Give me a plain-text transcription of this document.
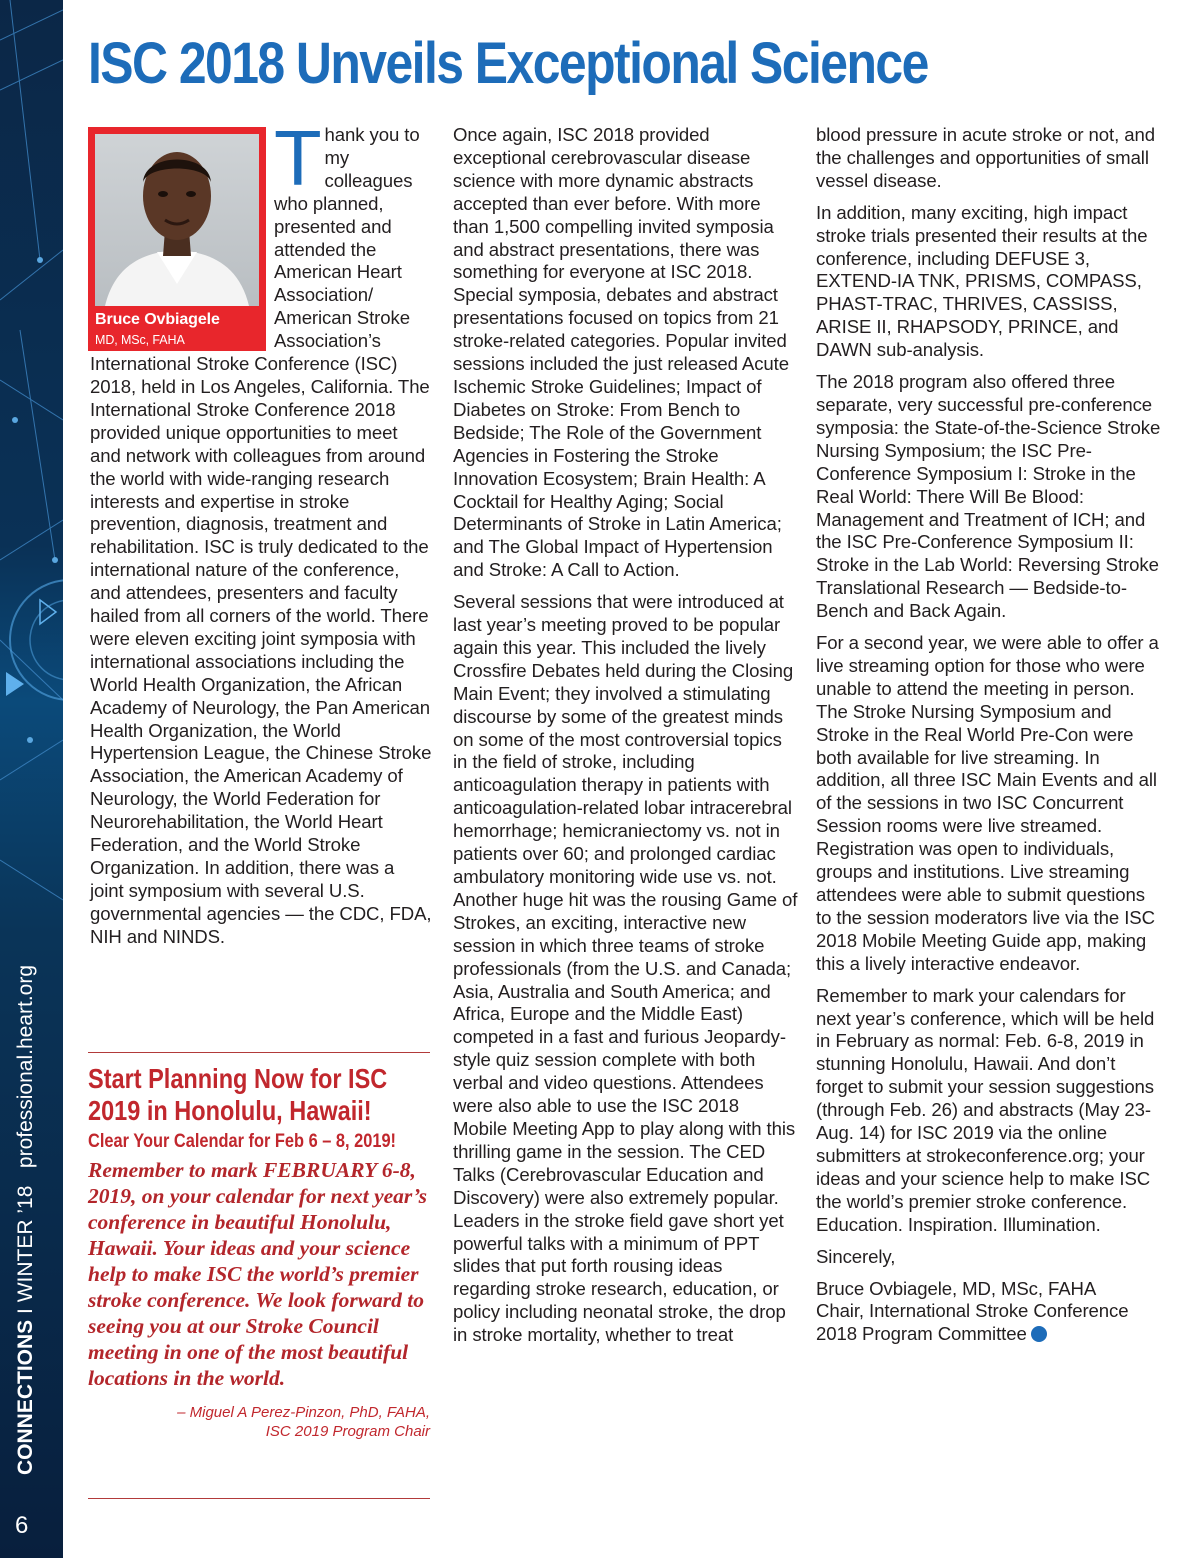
CONNECTIONS I WINTER ’18   professional.heart.org
6
ISC 2018 Unveils Exceptional Science
Bruce Ovbiagele
MD, MSc, FAHA
T hank you to my colleagues who planned, presented and attended the American Heart Association/ American Stroke Association’s International Stroke Conference (ISC) 2018, held in Los Angeles, California. The International Stroke Conference 2018 provided unique opportunities to meet and network with colleagues from around the world with wide-ranging research interests and expertise in stroke prevention, diagnosis, treatment and rehabilitation. ISC is truly dedicated to the international nature of the conference, and attendees, presenters and faculty hailed from all corners of the world. There were eleven exciting joint symposia with international associations including the World Health Organization, the African Academy of Neurology, the Pan American Health Organization, the World Hypertension League, the Chinese Stroke Association, the American Academy of Neurology, the World Federation for Neurorehabilitation, the World Heart Federation, and the World Stroke Organization. In addition, there was a joint symposium with several U.S. governmental agencies — the CDC, FDA, NIH and NINDS.

Start Planning Now for ISC 2019 in Honolulu, Hawaii!
Clear Your Calendar for Feb 6 – 8, 2019!

Remember to mark FEBRUARY 6-8, 2019, on your calendar for next year’s conference in beautiful Honolulu, Hawaii. Your ideas and your science help to make ISC the world’s premier stroke conference. We look forward to seeing you at our Stroke Council meeting in one of the most beautiful locations in the world.

– Miguel A Perez-Pinzon, PhD, FAHA,
ISC 2019 Program Chair

Once again, ISC 2018 provided exceptional cerebrovascular disease science with more dynamic abstracts accepted than ever before. With more than 1,500 compelling invited symposia and abstract presentations, there was something for everyone at ISC 2018. Special symposia, debates and abstract presentations focused on topics from 21 stroke-related categories. Popular invited sessions included the just released Acute Ischemic Stroke Guidelines; Impact of Diabetes on Stroke: From Bench to Bedside; The Role of the Government Agencies in Fostering the Stroke Innovation Ecosystem; Brain Health: A Cocktail for Healthy Aging; Social Determinants of Stroke in Latin America; and The Global Impact of Hypertension and Stroke: A Call to Action.

Several sessions that were introduced at last year’s meeting proved to be popular again this year. This included the lively Crossfire Debates held during the Closing Main Event; they involved a stimulating discourse by some of the greatest minds on some of the most controversial topics in the field of stroke, including anticoagulation therapy in patients with anticoagulation-related lobar intracerebral hemorrhage; hemicraniectomy vs. not in patients over 60; and prolonged cardiac ambulatory monitoring wide use vs. not. Another huge hit was the rousing Game of Strokes, an exciting, interactive new session in which three teams of stroke professionals (from the U.S. and Canada; Asia, Australia and South America; and Africa, Europe and the Middle East) competed in a fast and furious Jeopardy-style quiz session complete with both verbal and video questions. Attendees were also able to use the ISC 2018 Mobile Meeting App to play along with this thrilling game in the session. The CED Talks (Cerebrovascular Education and Discovery) were also extremely popular. Leaders in the stroke field gave short yet powerful talks with a minimum of PPT slides that put forth rousing ideas regarding stroke research, education, or policy including neonatal stroke, the drop in stroke mortality, whether to treat

blood pressure in acute stroke or not, and the challenges and opportunities of small vessel disease.

In addition, many exciting, high impact stroke trials presented their results at the conference, including DEFUSE 3, EXTEND-IA TNK, PRISMS, COMPASS, PHAST-TRAC, THRIVES, CASSISS, ARISE II, RHAPSODY, PRINCE, and DAWN sub-analysis.

The 2018 program also offered three separate, very successful pre-conference symposia: the State-of-the-Science Stroke Nursing Symposium; the ISC Pre-Conference Symposium I: Stroke in the Real World: There Will Be Blood: Management and Treatment of ICH; and the ISC Pre-Conference Symposium II: Stroke in the Lab World: Reversing Stroke Translational Research — Bedside-to-Bench and Back Again.

For a second year, we were able to offer a live streaming option for those who were unable to attend the meeting in person. The Stroke Nursing Symposium and Stroke in the Real World Pre-Con were both available for live streaming. In addition, all three ISC Main Events and all of the sessions in two ISC Concurrent Session rooms were live streamed. Registration was open to individuals, groups and institutions. Live streaming attendees were able to submit questions to the session moderators live via the ISC 2018 Mobile Meeting Guide app, making this a lively interactive endeavor.

Remember to mark your calendars for next year’s conference, which will be held in February as normal: Feb. 6-8, 2019 in stunning Honolulu, Hawaii. And don’t forget to submit your session suggestions (through Feb. 26) and abstracts (May 23-Aug. 14) for ISC 2019 via the online submitters at strokeconference.org; your ideas and your science help to make ISC the world’s premier stroke conference. Education. Inspiration. Illumination.

Sincerely,

Bruce Ovbiagele, MD, MSc, FAHA
Chair, International Stroke Conference
2018 Program Committee
